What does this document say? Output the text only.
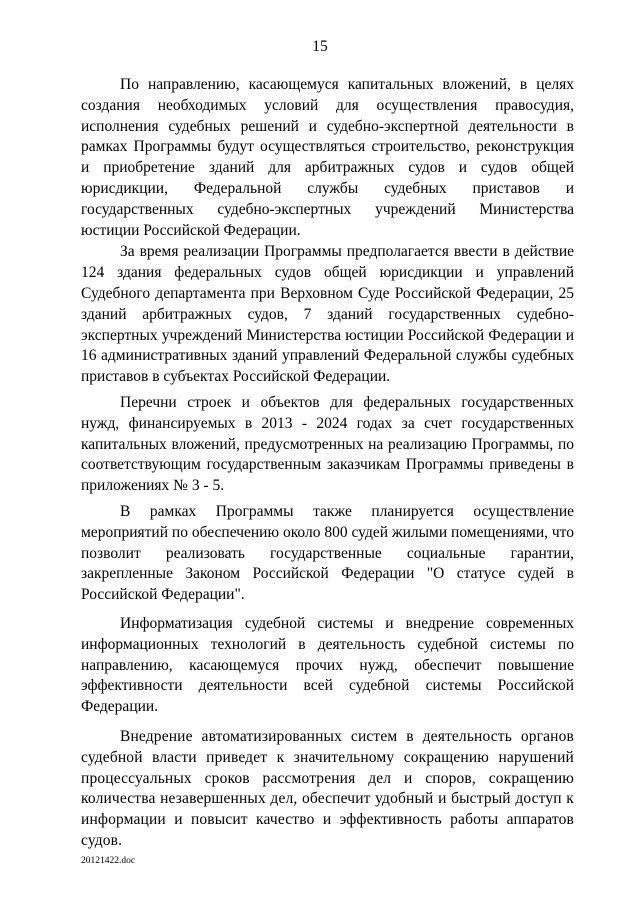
15

По направлению, касающемуся капитальных вложений, в целях создания необходимых условий для осуществления правосудия, исполнения судебных решений и судебно-экспертной деятельности в рамках Программы будут осуществляться строительство, реконструкция и приобретение зданий для арбитражных судов и судов общей юрисдикции, Федеральной службы судебных приставов и государственных судебно-экспертных учреждений Министерства юстиции Российской Федерации.

За время реализации Программы предполагается ввести в действие 124 здания федеральных судов общей юрисдикции и управлений Судебного департамента при Верховном Суде Российской Федерации, 25 зданий арбитражных судов, 7 зданий государственных судебно-экспертных учреждений Министерства юстиции Российской Федерации и 16 административных зданий управлений Федеральной службы судебных приставов в субъектах Российской Федерации.

Перечни строек и объектов для федеральных государственных нужд, финансируемых в 2013 - 2024 годах за счет государственных капитальных вложений, предусмотренных на реализацию Программы, по соответствующим государственным заказчикам Программы приведены в приложениях № 3 - 5.

В рамках Программы также планируется осуществление мероприятий по обеспечению около 800 судей жилыми помещениями, что позволит реализовать государственные социальные гарантии, закрепленные Законом Российской Федерации "О статусе судей в Российской Федерации".

Информатизация судебной системы и внедрение современных информационных технологий в деятельность судебной системы по направлению, касающемуся прочих нужд, обеспечит повышение эффективности деятельности всей судебной системы Российской Федерации.

Внедрение автоматизированных систем в деятельность органов судебной власти приведет к значительному сокращению нарушений процессуальных сроков рассмотрения дел и споров, сокращению количества незавершенных дел, обеспечит удобный и быстрый доступ к информации и повысит качество и эффективность работы аппаратов судов.

20121422.doc
